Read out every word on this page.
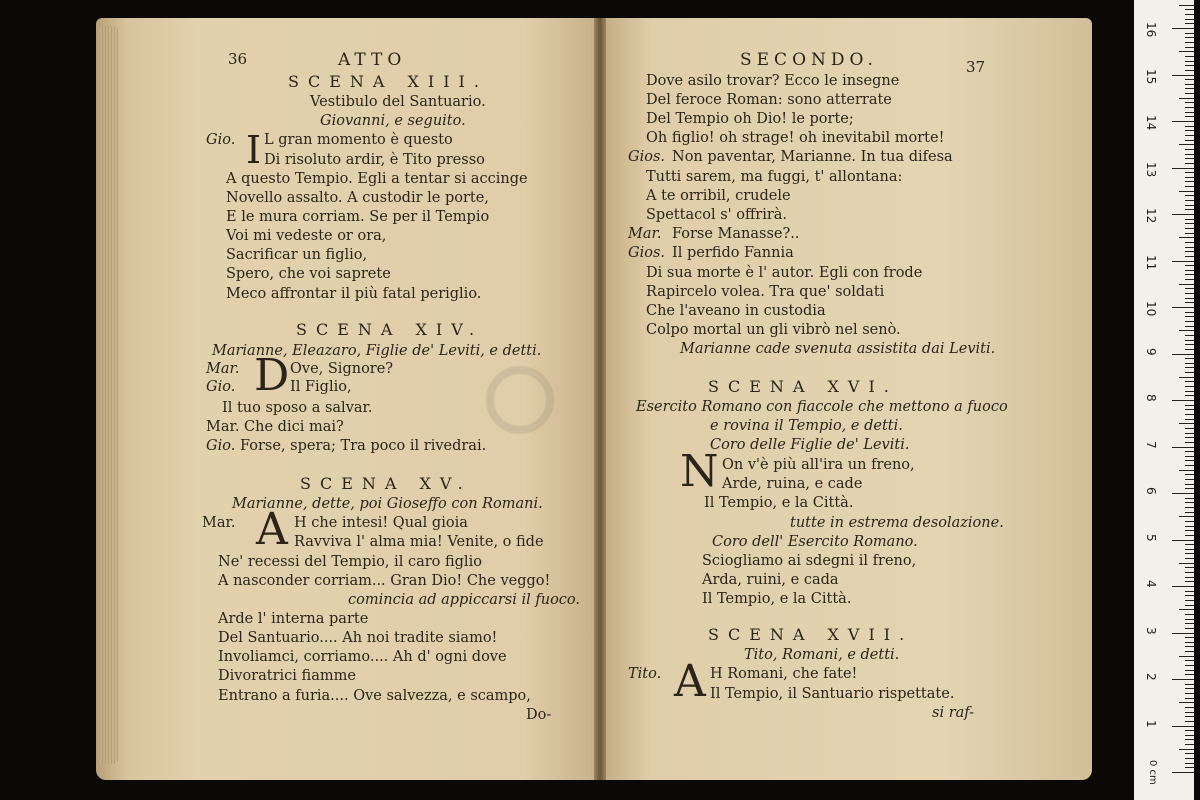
36	ATTO
SCENA XIII.
Vestibulo del Santuario.
Giovanni, e seguito.
Gio. I L gran momento è questo
Di risoluto ardir, è Tito presso
A questo Tempio. Egli a tentar si accinge
Novello assalto. A custodir le porte,
E le mura corriam. Se per il Tempio
Voi mi vedeste or ora,
Sacrificar un figlio,
Spero, che voi saprete
Meco affrontar il più fatal periglio.
SCENA XIV.
Marianne, Eleazaro, Figlie de' Leviti, e detti.
Mar. D Ove, Signore?
Gio.	Il Figlio,
Il tuo sposo a salvar.
Mar. Che dici mai?
Gio. Forse, spera; Tra poco il rivedrai.
SCENA XV.
Marianne, dette, poi Gioseffo con Romani.
Mar. A H che intesi! Qual gioia
Ravviva l' alma mia! Venite, o fide
Ne' recessi del Tempio, il caro figlio
A nasconder corriam... Gran Dio! Che veggo!
comincia ad appiccarsi il fuoco.
Arde l' interna parte
Del Santuario.... Ah noi tradite siamo!
Involiamci, corriamo.... Ah d' ogni dove
Divoratrici fiamme
Entrano a furia.... Ove salvezza, e scampo,
Do-
SECONDO.	37
Dove asilo trovar? Ecco le insegne
Del feroce Roman: sono atterrate
Del Tempio oh Dio! le porte;
Oh figlio! oh strage! oh inevitabil morte!
Gios. Non paventar, Marianne. In tua difesa
Tutti sarem, ma fuggi, t' allontana:
A te orribil, crudele
Spettacol s' offrirà.
Mar. Forse Manasse?..
Gios. Il perfido Fannia
Di sua morte è l' autor. Egli con frode
Rapircelo volea. Tra que' soldati
Che l'aveano in custodia
Colpo mortal un gli vibrò nel senò.
Marianne cade svenuta assistita dai Leviti.
SCENA XVI.
Esercito Romano con fiaccole che mettono a fuoco
e rovina il Tempio, e detti.
Coro delle Figlie de' Leviti.
N On v'è più all'ira un freno,
Arde, ruina, e cade
Il Tempio, e la Città.
tutte in estrema desolazione.
Coro dell' Esercito Romano.
Sciogliamo ai sdegni il freno,
Arda, ruini, e cada
Il Tempio, e la Città.
SCENA XVII.
Tito, Romani, e detti.
Tito. A H Romani, che fate!
Il Tempio, il Santuario rispettate.
si raf-
1
2
3
4
5
6
7
8
9
10
11
12
13
14
15
16
0 cm
